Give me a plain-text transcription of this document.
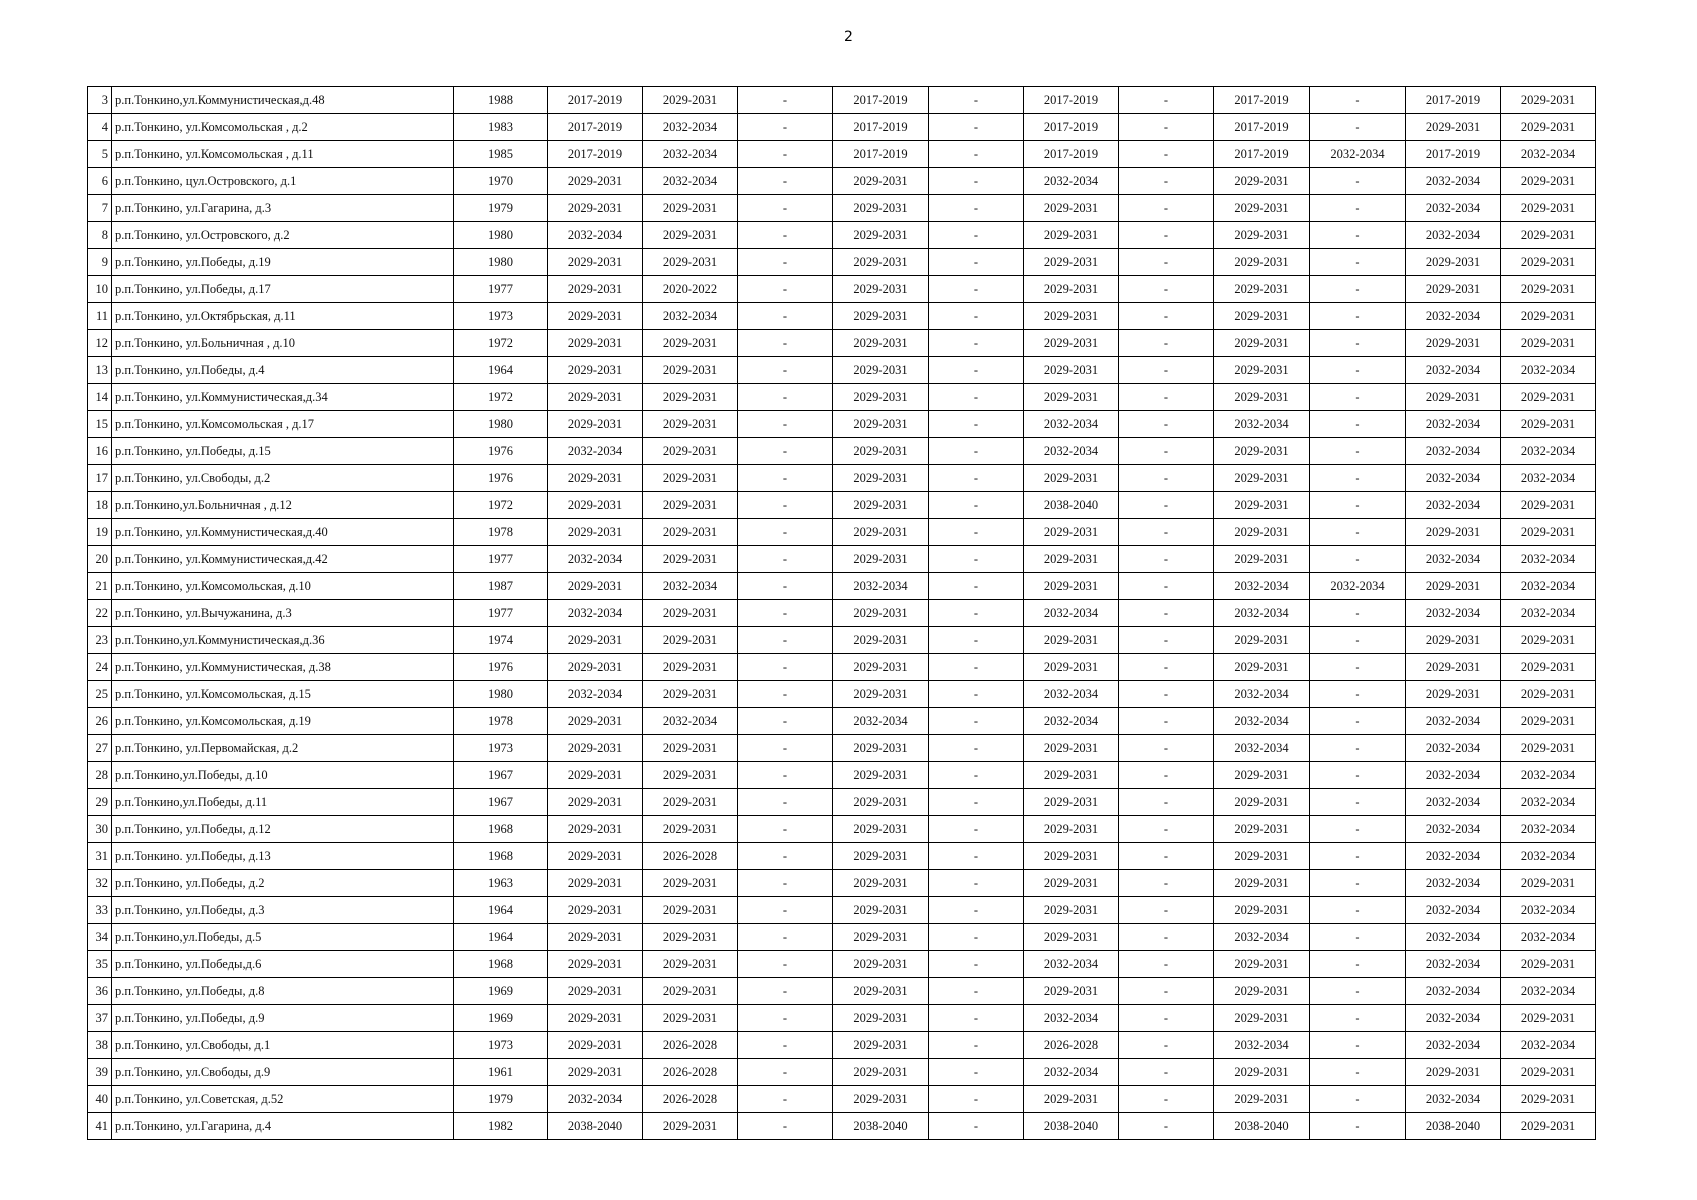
2
3	р.п.Тонкино,ул.Коммунистическая,д.48	1988	2017-2019	2029-2031	-	2017-2019	-	2017-2019	-	2017-2019	-	2017-2019	2029-2031
4	р.п.Тонкино, ул.Комсомольская , д.2	1983	2017-2019	2032-2034	-	2017-2019	-	2017-2019	-	2017-2019	-	2029-2031	2029-2031
5	р.п.Тонкино, ул.Комсомольская , д.11	1985	2017-2019	2032-2034	-	2017-2019	-	2017-2019	-	2017-2019	2032-2034	2017-2019	2032-2034
6	р.п.Тонкино, цул.Островского, д.1	1970	2029-2031	2032-2034	-	2029-2031	-	2032-2034	-	2029-2031	-	2032-2034	2029-2031
7	р.п.Тонкино, ул.Гагарина, д.3	1979	2029-2031	2029-2031	-	2029-2031	-	2029-2031	-	2029-2031	-	2032-2034	2029-2031
8	р.п.Тонкино, ул.Островского, д.2	1980	2032-2034	2029-2031	-	2029-2031	-	2029-2031	-	2029-2031	-	2032-2034	2029-2031
9	р.п.Тонкино, ул.Победы, д.19	1980	2029-2031	2029-2031	-	2029-2031	-	2029-2031	-	2029-2031	-	2029-2031	2029-2031
10	р.п.Тонкино, ул.Победы, д.17	1977	2029-2031	2020-2022	-	2029-2031	-	2029-2031	-	2029-2031	-	2029-2031	2029-2031
11	р.п.Тонкино, ул.Октябрьская, д.11	1973	2029-2031	2032-2034	-	2029-2031	-	2029-2031	-	2029-2031	-	2032-2034	2029-2031
12	р.п.Тонкино, ул.Больничная , д.10	1972	2029-2031	2029-2031	-	2029-2031	-	2029-2031	-	2029-2031	-	2029-2031	2029-2031
13	р.п.Тонкино, ул.Победы, д.4	1964	2029-2031	2029-2031	-	2029-2031	-	2029-2031	-	2029-2031	-	2032-2034	2032-2034
14	р.п.Тонкино, ул.Коммунистическая,д.34	1972	2029-2031	2029-2031	-	2029-2031	-	2029-2031	-	2029-2031	-	2029-2031	2029-2031
15	р.п.Тонкино, ул.Комсомольская , д.17	1980	2029-2031	2029-2031	-	2029-2031	-	2032-2034	-	2032-2034	-	2032-2034	2029-2031
16	р.п.Тонкино, ул.Победы, д.15	1976	2032-2034	2029-2031	-	2029-2031	-	2032-2034	-	2029-2031	-	2032-2034	2032-2034
17	р.п.Тонкино, ул.Свободы, д.2	1976	2029-2031	2029-2031	-	2029-2031	-	2029-2031	-	2029-2031	-	2032-2034	2032-2034
18	р.п.Тонкино,ул.Больничная , д.12	1972	2029-2031	2029-2031	-	2029-2031	-	2038-2040	-	2029-2031	-	2032-2034	2029-2031
19	р.п.Тонкино, ул.Коммунистическая,д.40	1978	2029-2031	2029-2031	-	2029-2031	-	2029-2031	-	2029-2031	-	2029-2031	2029-2031
20	р.п.Тонкино, ул.Коммунистическая,д.42	1977	2032-2034	2029-2031	-	2029-2031	-	2029-2031	-	2029-2031	-	2032-2034	2032-2034
21	р.п.Тонкино, ул.Комсомольская, д.10	1987	2029-2031	2032-2034	-	2032-2034	-	2029-2031	-	2032-2034	2032-2034	2029-2031	2032-2034
22	р.п.Тонкино, ул.Вычужанина, д.3	1977	2032-2034	2029-2031	-	2029-2031	-	2032-2034	-	2032-2034	-	2032-2034	2032-2034
23	р.п.Тонкино,ул.Коммунистическая,д.36	1974	2029-2031	2029-2031	-	2029-2031	-	2029-2031	-	2029-2031	-	2029-2031	2029-2031
24	р.п.Тонкино, ул.Коммунистическая, д.38	1976	2029-2031	2029-2031	-	2029-2031	-	2029-2031	-	2029-2031	-	2029-2031	2029-2031
25	р.п.Тонкино, ул.Комсомольская, д.15	1980	2032-2034	2029-2031	-	2029-2031	-	2032-2034	-	2032-2034	-	2029-2031	2029-2031
26	р.п.Тонкино, ул.Комсомольская, д.19	1978	2029-2031	2032-2034	-	2032-2034	-	2032-2034	-	2032-2034	-	2032-2034	2029-2031
27	р.п.Тонкино, ул.Первомайская, д.2	1973	2029-2031	2029-2031	-	2029-2031	-	2029-2031	-	2032-2034	-	2032-2034	2029-2031
28	р.п.Тонкино,ул.Победы, д.10	1967	2029-2031	2029-2031	-	2029-2031	-	2029-2031	-	2029-2031	-	2032-2034	2032-2034
29	р.п.Тонкино,ул.Победы, д.11	1967	2029-2031	2029-2031	-	2029-2031	-	2029-2031	-	2029-2031	-	2032-2034	2032-2034
30	р.п.Тонкино, ул.Победы, д.12	1968	2029-2031	2029-2031	-	2029-2031	-	2029-2031	-	2029-2031	-	2032-2034	2032-2034
31	р.п.Тонкино. ул.Победы, д.13	1968	2029-2031	2026-2028	-	2029-2031	-	2029-2031	-	2029-2031	-	2032-2034	2032-2034
32	р.п.Тонкино, ул.Победы, д.2	1963	2029-2031	2029-2031	-	2029-2031	-	2029-2031	-	2029-2031	-	2032-2034	2029-2031
33	р.п.Тонкино, ул.Победы, д.3	1964	2029-2031	2029-2031	-	2029-2031	-	2029-2031	-	2029-2031	-	2032-2034	2032-2034
34	р.п.Тонкино,ул.Победы, д.5	1964	2029-2031	2029-2031	-	2029-2031	-	2029-2031	-	2032-2034	-	2032-2034	2032-2034
35	р.п.Тонкино, ул.Победы,д.6	1968	2029-2031	2029-2031	-	2029-2031	-	2032-2034	-	2029-2031	-	2032-2034	2029-2031
36	р.п.Тонкино, ул.Победы, д.8	1969	2029-2031	2029-2031	-	2029-2031	-	2029-2031	-	2029-2031	-	2032-2034	2032-2034
37	р.п.Тонкино, ул.Победы, д.9	1969	2029-2031	2029-2031	-	2029-2031	-	2032-2034	-	2029-2031	-	2032-2034	2029-2031
38	р.п.Тонкино, ул.Свободы, д.1	1973	2029-2031	2026-2028	-	2029-2031	-	2026-2028	-	2032-2034	-	2032-2034	2032-2034
39	р.п.Тонкино, ул.Свободы, д.9	1961	2029-2031	2026-2028	-	2029-2031	-	2032-2034	-	2029-2031	-	2029-2031	2029-2031
40	р.п.Тонкино, ул.Советская, д.52	1979	2032-2034	2026-2028	-	2029-2031	-	2029-2031	-	2029-2031	-	2032-2034	2029-2031
41	р.п.Тонкино, ул.Гагарина, д.4	1982	2038-2040	2029-2031	-	2038-2040	-	2038-2040	-	2038-2040	-	2038-2040	2029-2031
